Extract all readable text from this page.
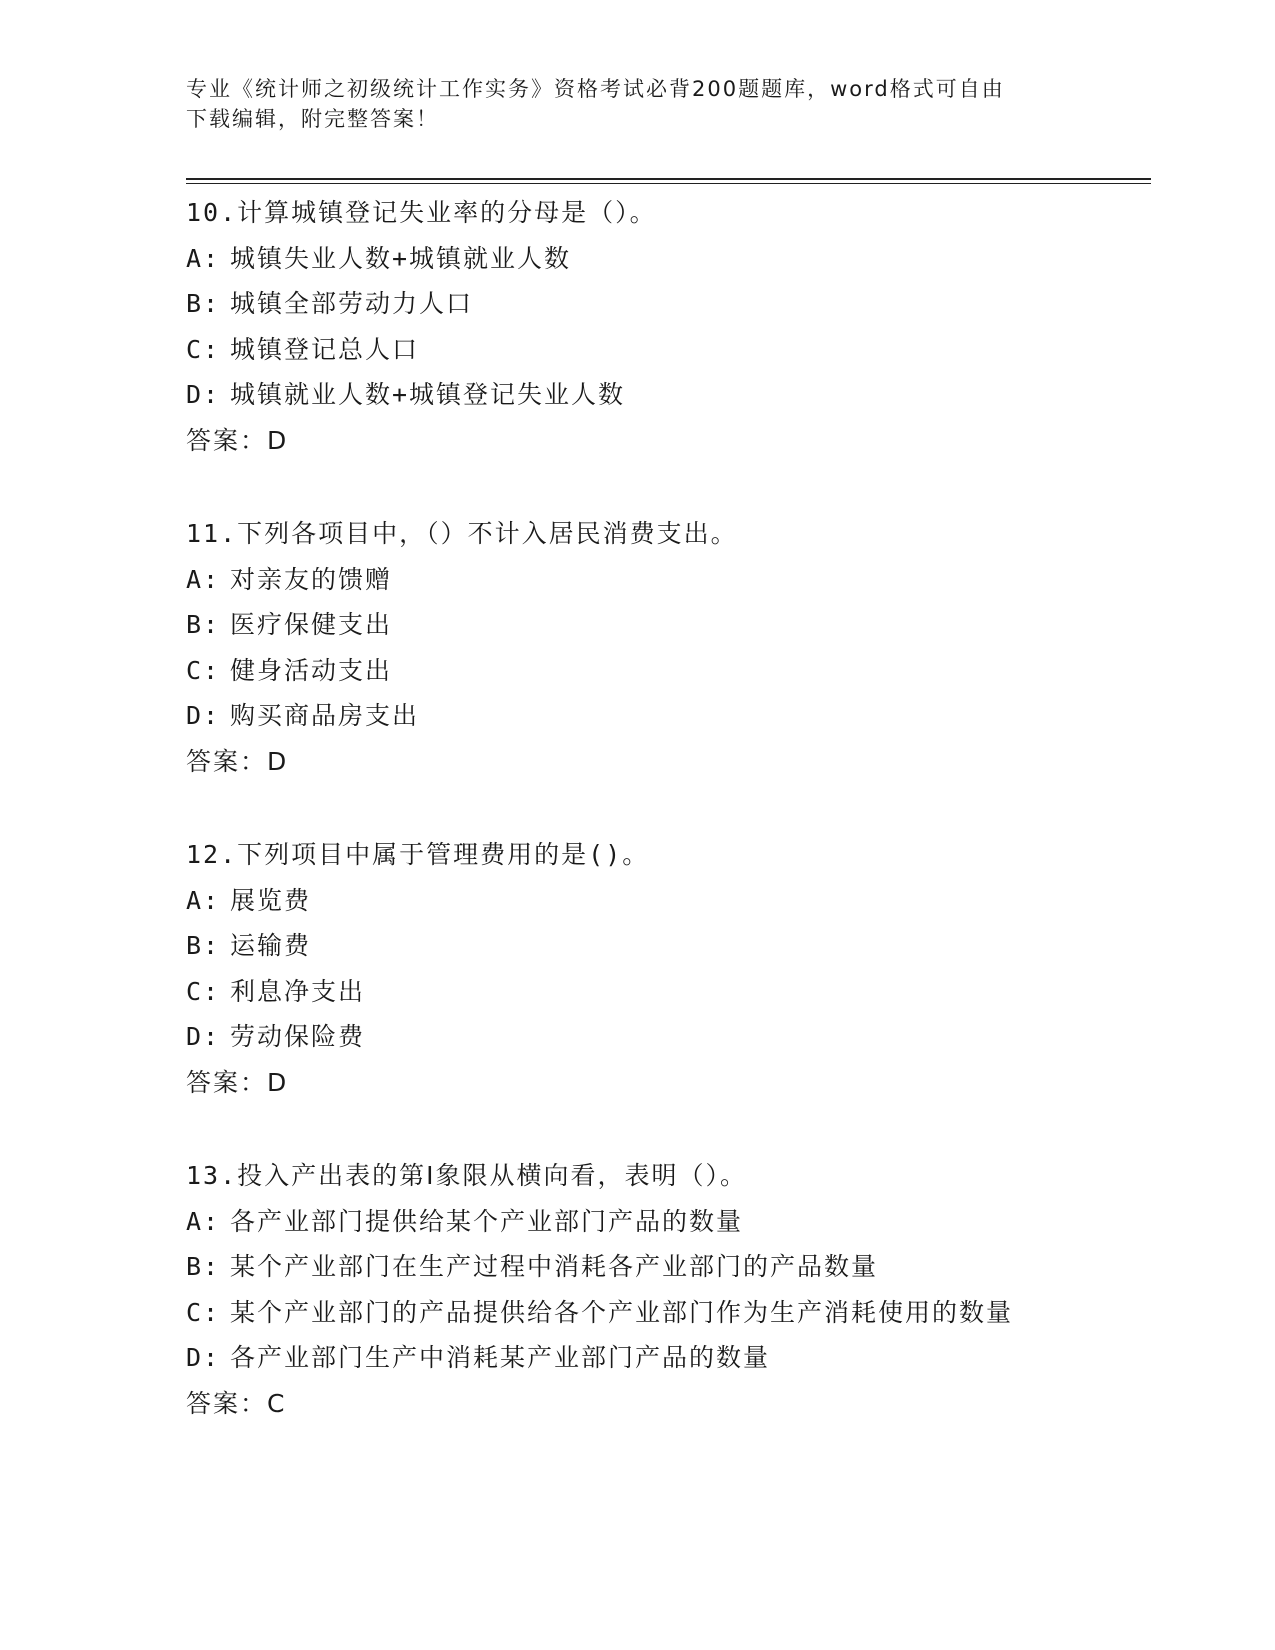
专业《统计师之初级统计工作实务》资格考试必背200题题库，word格式可自由
下载编辑，附完整答案！
10.计算城镇登记失业率的分母是（）。
A: 城镇失业人数+城镇就业人数
B: 城镇全部劳动力人口
C: 城镇登记总人口
D: 城镇就业人数+城镇登记失业人数
答案：D
11.下列各项目中，（）不计入居民消费支出。
A: 对亲友的馈赠
B: 医疗保健支出
C: 健身活动支出
D: 购买商品房支出
答案：D
12.下列项目中属于管理费用的是()。
A: 展览费
B: 运输费
C: 利息净支出
D: 劳动保险费
答案：D
13.投入产出表的第Ⅰ象限从横向看，表明（）。
A: 各产业部门提供给某个产业部门产品的数量
B: 某个产业部门在生产过程中消耗各产业部门的产品数量
C: 某个产业部门的产品提供给各个产业部门作为生产消耗使用的数量
D: 各产业部门生产中消耗某产业部门产品的数量
答案：C
